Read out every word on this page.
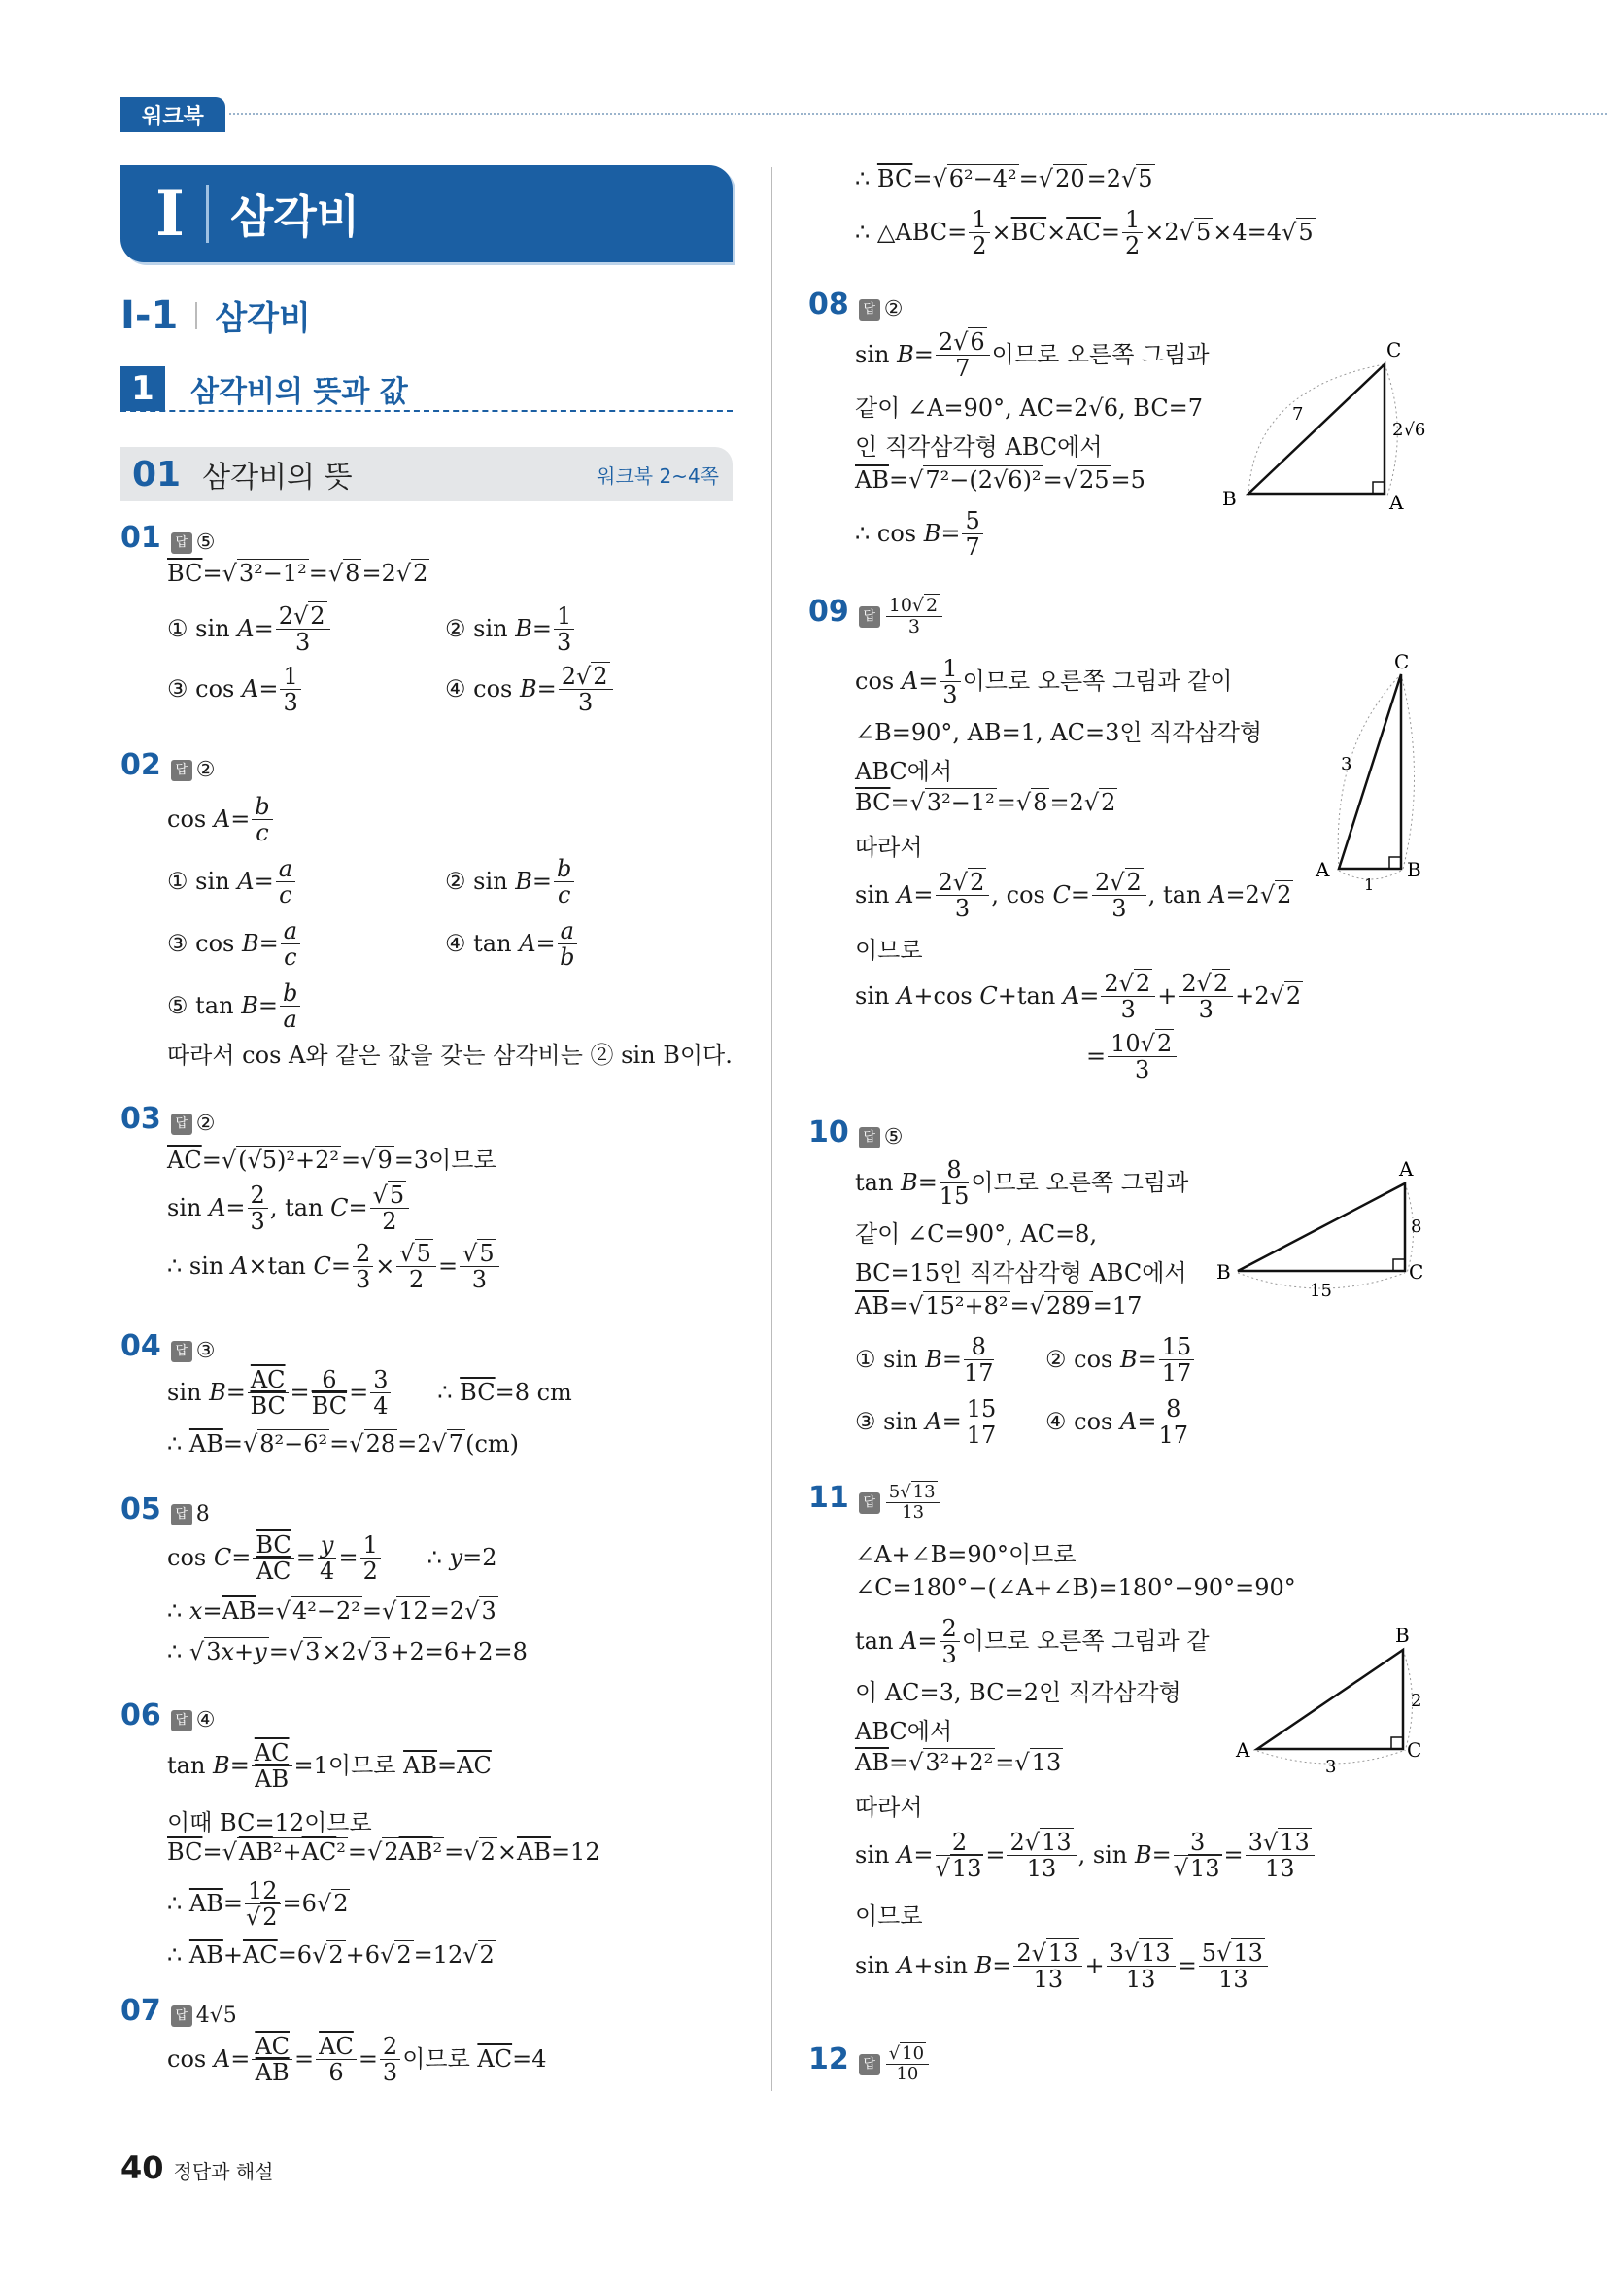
워크북
I 삼각비
I-1 삼각비
1	삼각비의 뜻과 값
01 삼각비의 뜻	워크북 2~4쪽
01 답 ⑤
$\overline{BC}=√3^2-1^2=√8=2√2$
① $\sin A= \frac{2√2}{3}$	② $\sin B= \frac{1}{3}$
③ $\cos A= \frac{1}{3}$	④ $\cos B= \frac{2√2}{3}$
02 답 ②
$\cos A= \frac{b}{c}$
① $\sin A= \frac{a}{c}$	② $\sin B= \frac{b}{c}$
③ $\cos B= \frac{a}{c}$	④ $\tan A= \frac{a}{b}$
⑤ $\tan B= \frac{b}{a}$
따라서 cos A와 같은 값을 갖는 삼각비는 ② sin B이다.
03 답 ②
$\overline{AC}=√(√5)^2+2^2=√9=3$이므로
$\sin A= \frac{2}{3}$ , $\tan C= \frac{√5}{2}$
∴ sin A×tan $C= \frac{2}{3} \times \frac{√5}{2} = \frac{√5}{3}$
04 답 ③
$\sin B= \frac{\overline{AC}}{BC} = \frac{6}{BC} = \frac{3}{4}$ ∴ $\overline{BC}=8$ cm
∴ $\overline{AB}=√8^2-6^2=√28=2√7(cm)$
05 답 8
$\cos C= \frac{\overline{BC}}{AC} = \frac{y}{4} = \frac{1}{2}$ ∴ y=2
∴ $x=\overline{AB}=√4^2-2^2=√12=2√3$
∴ √3x+y=√3×2√3+2=6+2=8
06 답 ④
$\tan B= \frac{\overline{AC}}{AB} =1$이므로 $\overline{AB}=\overline{AC}$
이때 BC=12이므로
$\overline{BC}=√AB^2+\overline{AC}^2=√2\overline{AB}^2=√2\times\overline{AB}=12$
∴ $\overline{AB}= \frac{12}{√2} =6√2$
∴ $\overline{AB}+\overline{AC}=6√2+6√2=12√2$
07 답 4√5
$\cos A= \frac{\overline{AC}}{AB} = \frac{\overline{AC}}{6} = \frac{2}{3}$ 이므로 $\overline{AC}=4$
∴ $\overline{BC}=√6^2-4^2=√20=2√5$
∴ △ABC= $\frac{1}{2} \times\overline{BC}\times\overline{AC}= \frac{1}{2} \times 2√5\times 4=4√5$
08 답 ②
$\sin B= \frac{2√6}{7}$ 이므로 오른쪽 그림과
같이 ∠A=90°, AC=2√6, BC=7
인 직각삼각형 ABC에서
$\overline{AB}=√7^2-(2√6)^2=√25=5$
∴ $\cos B= \frac{5}{7}$
B
C
A
7
2√6
09 답 $\frac{10√ 2}{3}$
$\cos A= \frac{1}{3}$ 이므로 오른쪽 그림과 같이
∠B=90°, AB=1, AC=3인 직각삼각형
ABC에서
$\overline{BC}=√3^2-1^2=√8=2√2$
따라서
$\sin A= \frac{2√2}{3}$ , $\cos C= \frac{2√2}{3}$ , tan A=2√2
이므로
sin A+cos C+tan $A= \frac{2√2}{3} + \frac{2√2}{3} +2√2$
= $\frac{10√2}{3}$
C
A	B
3
1
10 답 ⑤
$\tan B= \frac{8}{15}$ 이므로 오른쪽 그림과
같이 ∠C=90°, AC=8,
BC=15인 직각삼각형 ABC에서
$\overline{AB}=√15^2+8^2=√289=17$
① $\sin B= \frac{8}{17}$ ② $\cos B= \frac{15}{17}$
③ $\sin A= \frac{15}{17}$ ④ $\cos A= \frac{8}{17}$
A
B	C
8
15
11 답 $\frac{5√ 13}{13}$
∠A+∠B=90°이므로
∠C=180°−(∠A+∠B)=180°−90°=90°
$\tan A= \frac{2}{3}$ 이므로 오른쪽 그림과 같
이 AC=3, BC=2인 직각삼각형
ABC에서
$\overline{AB}=√3^2+2^2=√13$
따라서
$\sin A= \frac{2}{√13} = \frac{2√13}{13}$ , $\sin B= \frac{3}{√13} = \frac{3√13}{13}$
이므로
sin A+sin $B= \frac{2√13}{13} + \frac{3√13}{13} = \frac{5√13}{13}$
B
A	C
2
3
12 답 $\frac{√ 10}{10}$
40 정답과 해설
